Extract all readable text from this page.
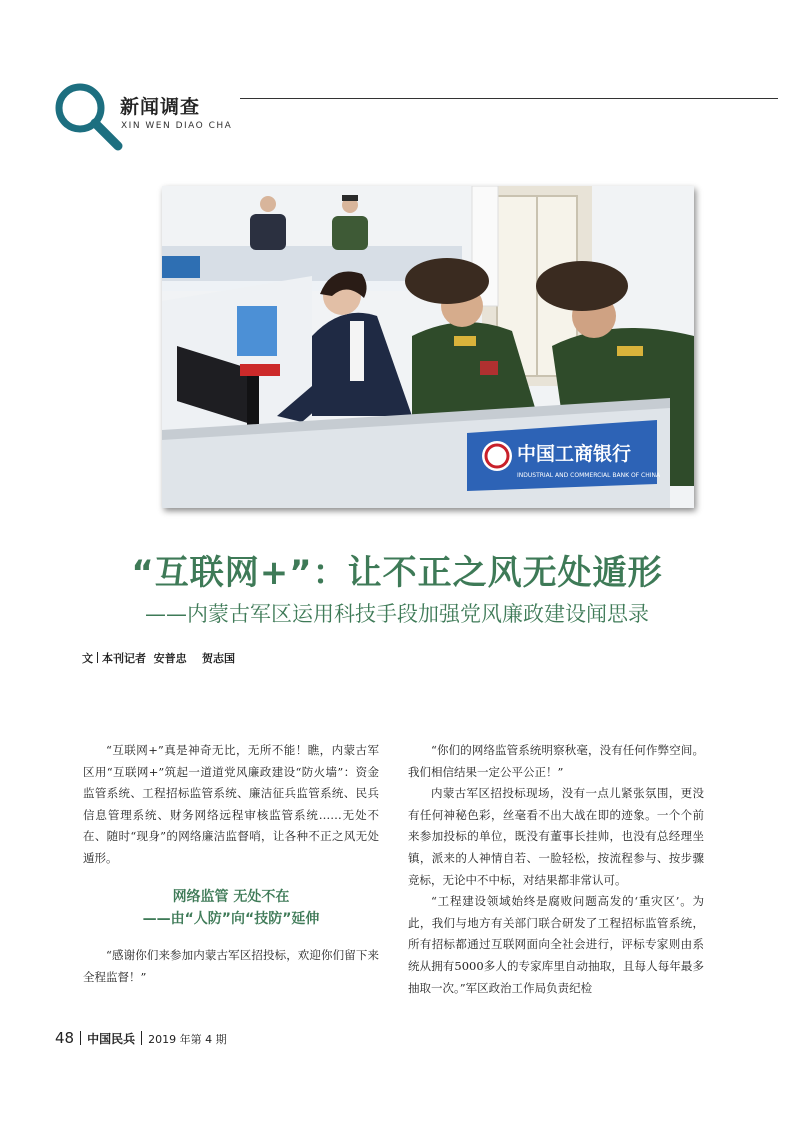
新闻调查
XIN WEN DIAO CHA
中国工商银行
INDUSTRIAL AND COMMERCIAL BANK OF CHINA
“互联网+”：让不正之风无处遁形
——内蒙古军区运用科技手段加强党风廉政建设闻思录
文 本刊记者  安普忠    贺志国

“互联网+”真是神奇无比，无所不能！瞧，内蒙古军区用“互联网+”筑起一道道党风廉政建设“防火墙”：资金监管系统、工程招标监管系统、廉洁征兵监管系统、民兵信息管理系统、财务网络远程审核监管系统……无处不在、随时“现身”的网络廉洁监督哨，让各种不正之风无处遁形。

网络监管 无处不在
——由“人防”向“技防”延伸

“感谢你们来参加内蒙古军区招投标，欢迎你们留下来全程监督！”

“你们的网络监管系统明察秋毫，没有任何作弊空间。我们相信结果一定公平公正！”

内蒙古军区招投标现场，没有一点儿紧张氛围，更没有任何神秘色彩，丝毫看不出大战在即的迹象。一个个前来参加投标的单位，既没有董事长挂帅，也没有总经理坐镇，派来的人神情自若、一脸轻松，按流程参与、按步骤竞标，无论中不中标，对结果都非常认可。

“工程建设领域始终是腐败问题高发的‘重灾区’。为此，我们与地方有关部门联合研发了工程招标监管系统，所有招标都通过互联网面向全社会进行，评标专家则由系统从拥有5000多人的专家库里自动抽取，且每人每年最多抽取一次。”军区政治工作局负责纪检

48 中国民兵 2019 年第 4 期
